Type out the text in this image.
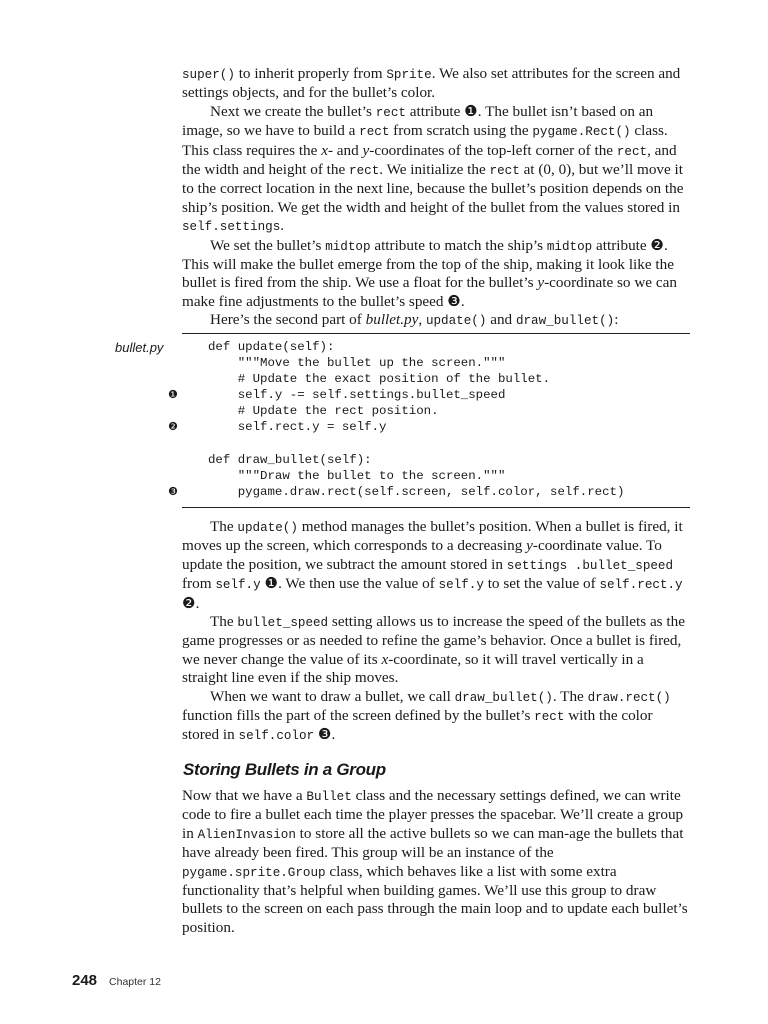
super() to inherit properly from Sprite. We also set attributes for the screen and settings objects, and for the bullet’s color.

Next we create the bullet’s rect attribute ❶. The bullet isn’t based on an image, so we have to build a rect from scratch using the pygame.Rect() class. This class requires the x- and y-coordinates of the top-left corner of the rect, and the width and height of the rect. We initialize the rect at (0, 0), but we’ll move it to the correct location in the next line, because the bullet’s position depends on the ship’s position. We get the width and height of the bullet from the values stored in self.settings.

We set the bullet’s midtop attribute to match the ship’s midtop attribute ❷. This will make the bullet emerge from the top of the ship, making it look like the bullet is fired from the ship. We use a float for the bullet’s y-coordinate so we can make fine adjustments to the bullet’s speed ❸.

Here’s the second part of bullet.py, update() and draw_bullet():

bullet.py
❶
❷
❸
def update(self):
"""Move the bullet up the screen."""
# Update the exact position of the bullet.
self.y -= self.settings.bullet_speed
# Update the rect position.
self.rect.y = self.y
def draw_bullet(self):
"""Draw the bullet to the screen."""
pygame.draw.rect(self.screen, self.color, self.rect)

The update() method manages the bullet’s position. When a bullet is fired, it moves up the screen, which corresponds to a decreasing y-coordinate value. To update the position, we subtract the amount stored in settings .bullet_speed from self.y ❶. We then use the value of self.y to set the value of self.rect.y ❷.

The bullet_speed setting allows us to increase the speed of the bullets as the game progresses or as needed to refine the game’s behavior. Once a bullet is fired, we never change the value of its x-coordinate, so it will travel vertically in a straight line even if the ship moves.

When we want to draw a bullet, we call draw_bullet(). The draw.rect() function fills the part of the screen defined by the bullet’s rect with the color stored in self.color ❸.

Storing Bullets in a Group

Now that we have a Bullet class and the necessary settings defined, we can write code to fire a bullet each time the player presses the spacebar. We’ll create a group in AlienInvasion to store all the active bullets so we can man-age the bullets that have already been fired. This group will be an instance of the pygame.sprite.Group class, which behaves like a list with some extra functionality that’s helpful when building games. We’ll use this group to draw bullets to the screen on each pass through the main loop and to update each bullet’s position.

248 Chapter 12
